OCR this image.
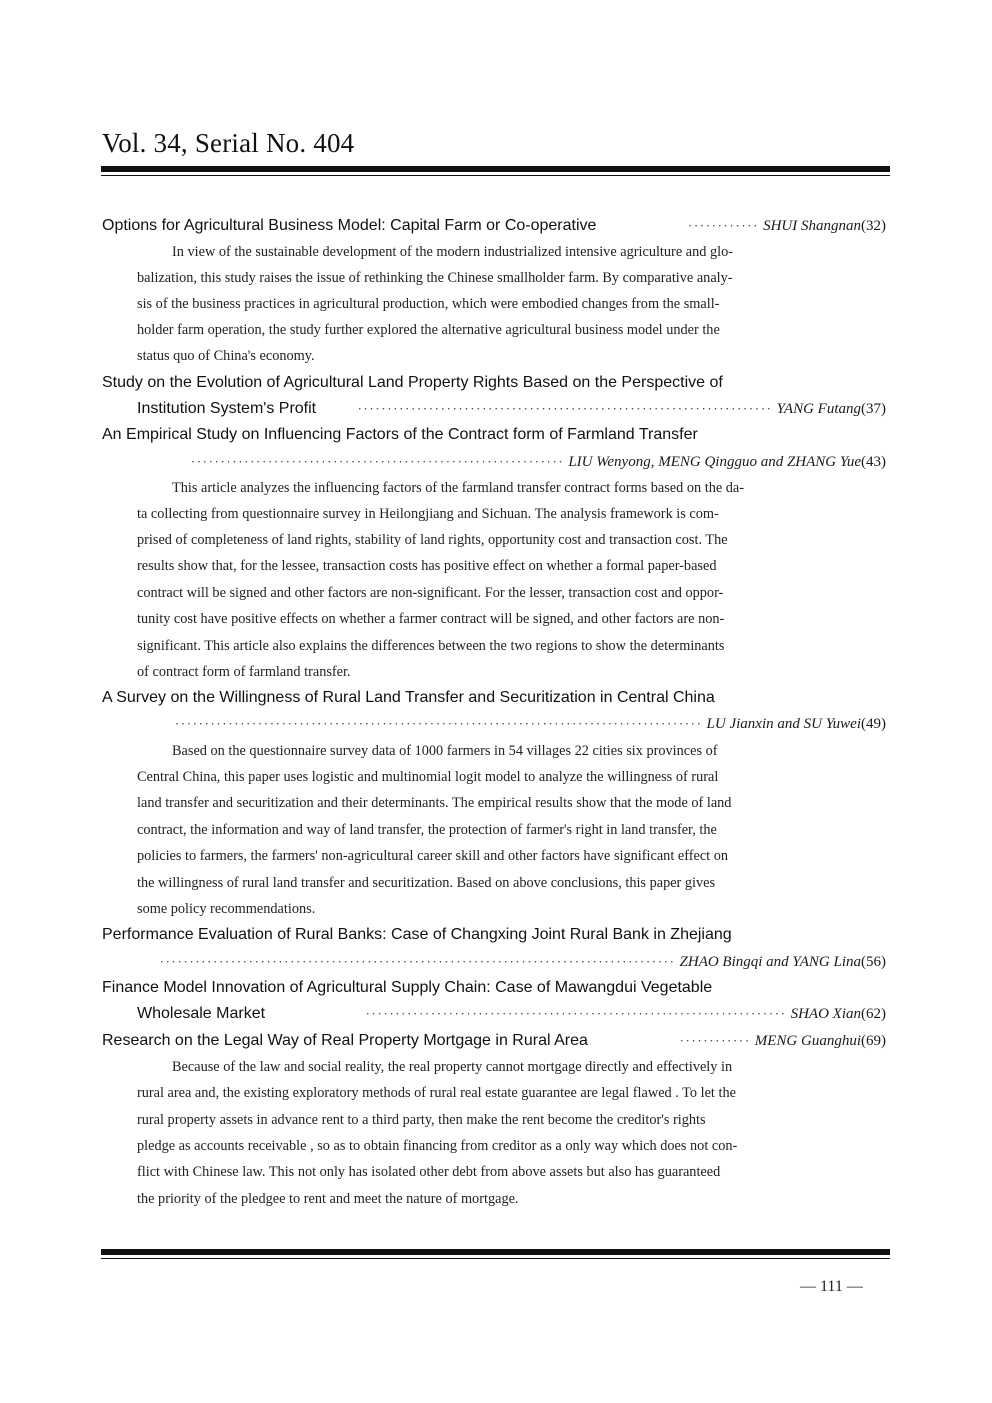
Vol. 34, Serial No. 404
Options for Agricultural Business Model: Capital Farm or Co-operative	············ SHUI Shangnan(32)
In view of the sustainable development of the modern industrialized intensive agriculture and glo-
balization, this study raises the issue of rethinking the Chinese smallholder farm. By comparative analy-
sis of the business practices in agricultural production, which were embodied changes from the small-
holder farm operation, the study further explored the alternative agricultural business model under the
status quo of China's economy.
Study on the Evolution of Agricultural Land Property Rights Based on the Perspective of
Institution System's Profit	······································································ YANG Futang(37)
An Empirical Study on Influencing Factors of the Contract form of Farmland Transfer
······························································· LIU Wenyong, MENG Qingguo and ZHANG Yue(43)
This article analyzes the influencing factors of the farmland transfer contract forms based on the da-
ta collecting from questionnaire survey in Heilongjiang and Sichuan. The analysis framework is com-
prised of completeness of land rights, stability of land rights, opportunity cost and transaction cost. The
results show that, for the lessee, transaction costs has positive effect on whether a formal paper-based
contract will be signed and other factors are non-significant. For the lesser, transaction cost and oppor-
tunity cost have positive effects on whether a farmer contract will be signed, and other factors are non-
significant. This article also explains the differences between the two regions to show the determinants
of contract form of farmland transfer.
A Survey on the Willingness of Rural Land Transfer and Securitization in Central China
························································································· LU Jianxin and SU Yuwei(49)
Based on the questionnaire survey data of 1000 farmers in 54 villages 22 cities six provinces of
Central China, this paper uses logistic and multinomial logit model to analyze the willingness of rural
land transfer and securitization and their determinants. The empirical results show that the mode of land
contract, the information and way of land transfer, the protection of farmer's right in land transfer, the
policies to farmers, the farmers' non-agricultural career skill and other factors have significant effect on
the willingness of rural land transfer and securitization. Based on above conclusions, this paper gives
some policy recommendations.
Performance Evaluation of Rural Banks: Case of Changxing Joint Rural Bank in Zhejiang
······················································································· ZHAO Bingqi and YANG Lina(56)
Finance Model Innovation of Agricultural Supply Chain: Case of Mawangdui Vegetable
Wholesale Market	······································································· SHAO Xian(62)
Research on the Legal Way of Real Property Mortgage in Rural Area	············ MENG Guanghui(69)
Because of the law and social reality, the real property cannot mortgage directly and effectively in
rural area and, the existing exploratory methods of rural real estate guarantee are legal flawed . To let the
rural property assets in advance rent to a third party, then make the rent become the creditor's rights
pledge as accounts receivable , so as to obtain financing from creditor as a only way which does not con-
flict with Chinese law. This not only has isolated other debt from above assets but also has guaranteed
the priority of the pledgee to rent and meet the nature of mortgage.
— 111 —
